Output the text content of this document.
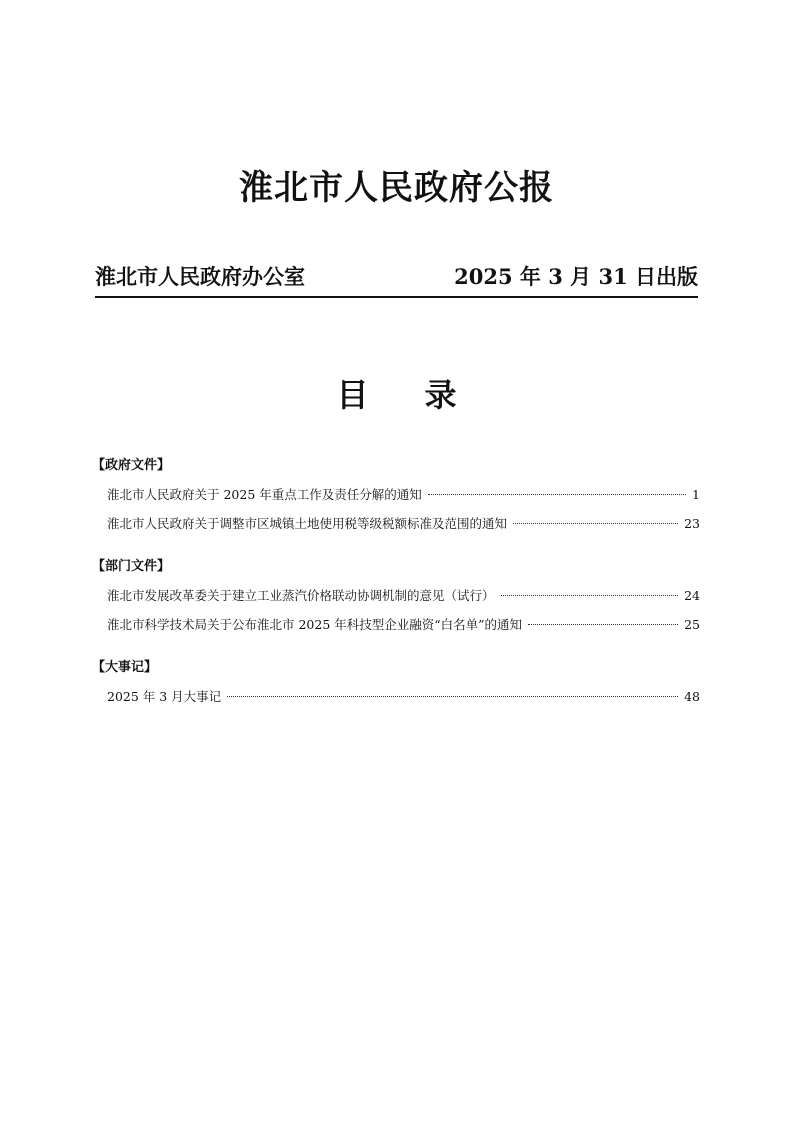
淮北市人民政府公报
淮北市人民政府办公室	2025 年 3 月 31 日出版
目录
【政府文件】
淮北市人民政府关于 2025 年重点工作及责任分解的通知	1
淮北市人民政府关于调整市区城镇土地使用税等级税额标准及范围的通知	23
【部门文件】
淮北市发展改革委关于建立工业蒸汽价格联动协调机制的意见（试行）	24
淮北市科学技术局关于公布淮北市 2025 年科技型企业融资“白名单”的通知	25
【大事记】
2025 年 3 月大事记	48
